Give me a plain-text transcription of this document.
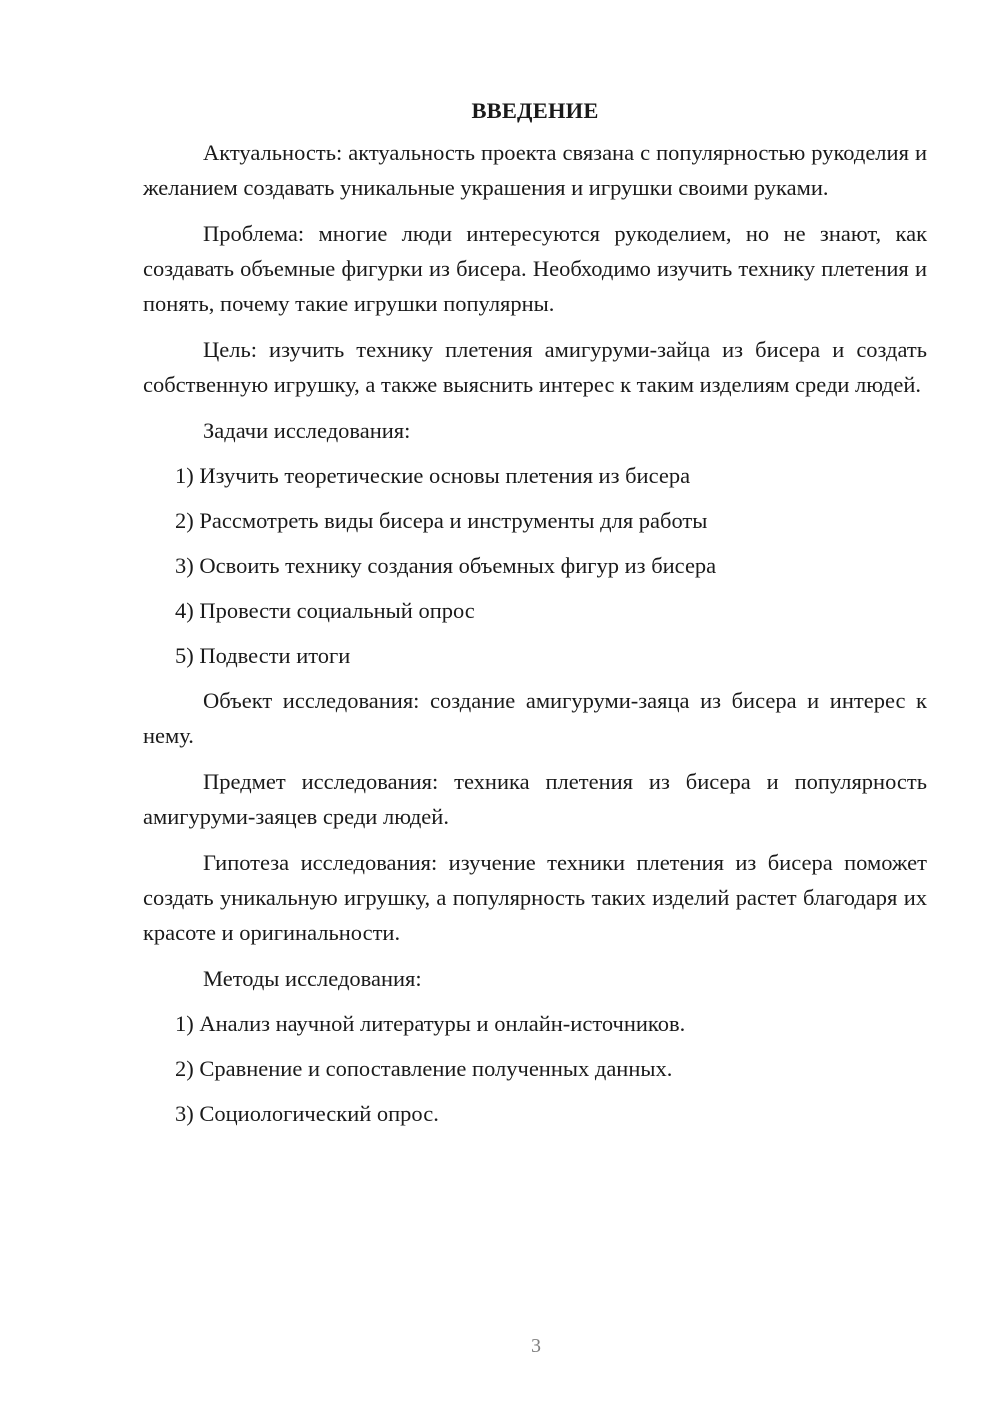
ВВЕДЕНИЕ

Актуальность: актуальность проекта связана с популярностью рукоделия и желанием создавать уникальные украшения и игрушки своими руками.

Проблема: многие люди интересуются рукоделием, но не знают, как создавать объемные фигурки из бисера. Необходимо изучить технику плетения и понять, почему такие игрушки популярны.

Цель: изучить технику плетения амигуруми-зайца из бисера и создать собственную игрушку, а также выяснить интерес к таким изделиям среди людей.

Задачи исследования:

1) Изучить теоретические основы плетения из бисера
2) Рассмотреть виды бисера и инструменты для работы
3) Освоить технику создания объемных фигур из бисера
4) Провести социальный опрос
5) Подвести итоги

Объект исследования: создание амигуруми-заяца из бисера и интерес к нему.

Предмет исследования: техника плетения из бисера и популярность амигуруми-заяцев среди людей.

Гипотеза исследования: изучение техники плетения из бисера поможет создать уникальную игрушку, а популярность таких изделий растет благодаря их красоте и оригинальности.

Методы исследования:

1) Анализ научной литературы и онлайн-источников.
2) Сравнение и сопоставление полученных данных.
3) Социологический опрос.
3
